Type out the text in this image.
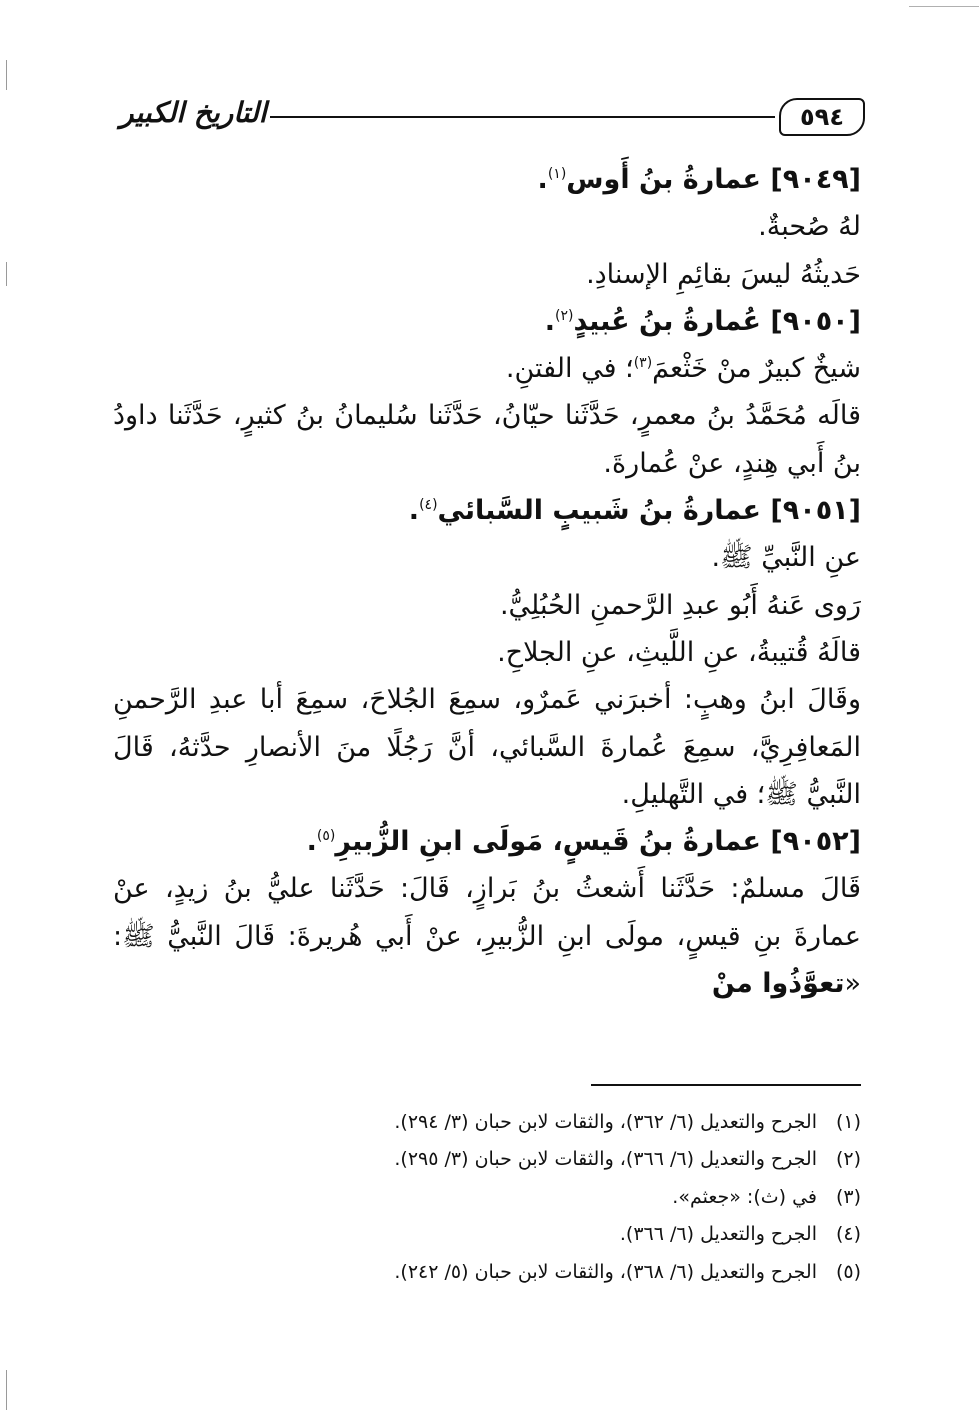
٥٩٤
التاريخ الكبير

[٩٠٤٩] عمارةُ بنُ أَوس$^{(١)}$.

لهُ صُحبةٌ.

حَديثُهُ ليسَ بقائِمِ الإسنادِ.

[٩٠٥٠] عُمارةُ بنُ عُبيدٍ$^{(٢)}$.

شيخٌ كبيرٌ منْ خَثْعمَ$^{(٣)}$؛ في الفتنِ.

قالَه مُحَمَّدُ بنُ معمرٍ، حَدَّثَنا حيّانُ، حَدَّثَنا سُليمانُ بنُ كثيرٍ، حَدَّثَنا داودُ بنُ أَبي هِندٍ، عنْ عُمارةَ.

[٩٠٥١] عمارةُ بنُ شَبيبٍ السَّبائي$^{(٤)}$.

عنِ النَّبيِّ ﷺ.

رَوى عَنهُ أَبُو عبدِ الرَّحمنِ الحُبُلِيُّ.

قالَهُ قُتيبةُ، عنِ اللَّيثِ، عنِ الجلاحِ.

وقَالَ ابنُ وهبٍ: أخبرَني عَمرٌو، سمِعَ الجُلاحَ، سمِعَ أبا عبدِ الرَّحمنِ المَعافِرِيَّ، سمِعَ عُمارةَ السَّبائي، أنَّ رَجُلًا منَ الأنصارِ حدَّثهُ، قَالَ النَّبيُّ ﷺ؛ في التَّهليلِ.

[٩٠٥٢] عمارةُ بنُ قَيسٍ، مَولَى ابنِ الزُّبيرِ$^{(٥)}$.

قَالَ مسلمٌ: حَدَّثَنا أَشعثُ بنُ بَرازٍ، قَالَ: حَدَّثَنا عليُّ بنُ زيدٍ، عنْ عمارةَ بنِ قيسٍ، مولَى ابنِ الزُّبيرِ، عنْ أَبي هُريرةَ: قَالَ النَّبيُّ ﷺ: «تعوَّذُوا منْ

(١)
الجرح والتعديل (٦/ ٣٦٢)، والثقات لابن حبان (٣/ ٢٩٤).
(٢)
الجرح والتعديل (٦/ ٣٦٦)، والثقات لابن حبان (٣/ ٢٩٥).
(٣)
في (ث): «جعثم».
(٤)
الجرح والتعديل (٦/ ٣٦٦).
(٥)
الجرح والتعديل (٦/ ٣٦٨)، والثقات لابن حبان (٥/ ٢٤٢).
